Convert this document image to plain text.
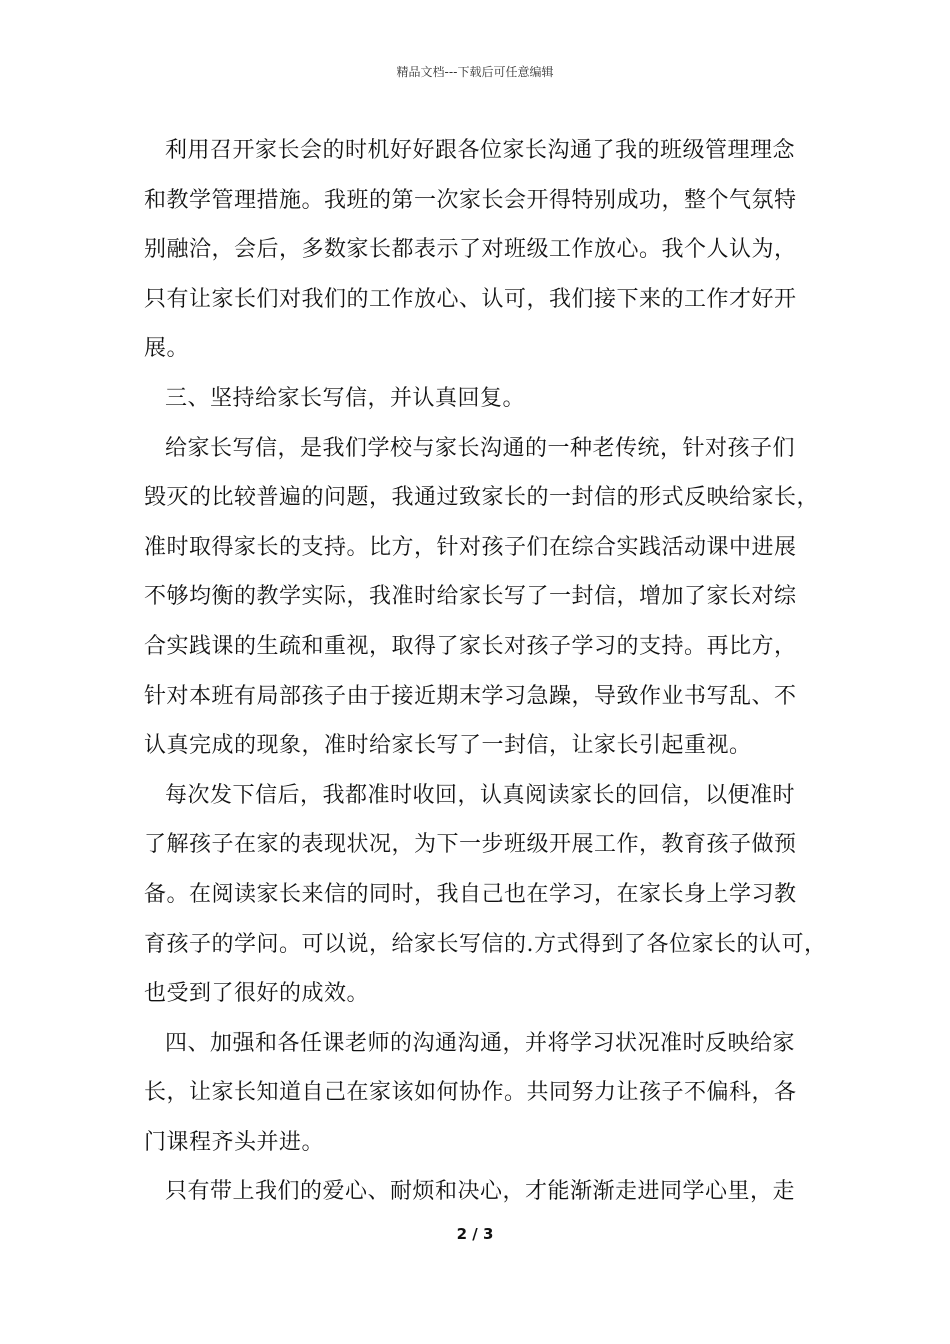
精品文档---下载后可任意编辑
利用召开家长会的时机好好跟各位家长沟通了我的班级管理理念
和教学管理措施。我班的第一次家长会开得特别成功，整个气氛特
别融洽，会后，多数家长都表示了对班级工作放心。我个人认为，
只有让家长们对我们的工作放心、认可，我们接下来的工作才好开
展。
三、坚持给家长写信，并认真回复。
给家长写信，是我们学校与家长沟通的一种老传统，针对孩子们
毁灭的比较普遍的问题，我通过致家长的一封信的形式反映给家长，
准时取得家长的支持。比方，针对孩子们在综合实践活动课中进展
不够均衡的教学实际，我准时给家长写了一封信，增加了家长对综
合实践课的生疏和重视，取得了家长对孩子学习的支持。再比方，
针对本班有局部孩子由于接近期末学习急躁，导致作业书写乱、不
认真完成的现象，准时给家长写了一封信，让家长引起重视。
每次发下信后，我都准时收回，认真阅读家长的回信，以便准时
了解孩子在家的表现状况，为下一步班级开展工作，教育孩子做预
备。在阅读家长来信的同时，我自己也在学习，在家长身上学习教
育孩子的学问。可以说，给家长写信的.方式得到了各位家长的认可，
也受到了很好的成效。
四、加强和各任课老师的沟通沟通，并将学习状况准时反映给家
长，让家长知道自己在家该如何协作。共同努力让孩子不偏科，各
门课程齐头并进。
只有带上我们的爱心、耐烦和决心，才能渐渐走进同学心里，走
2 / 3
